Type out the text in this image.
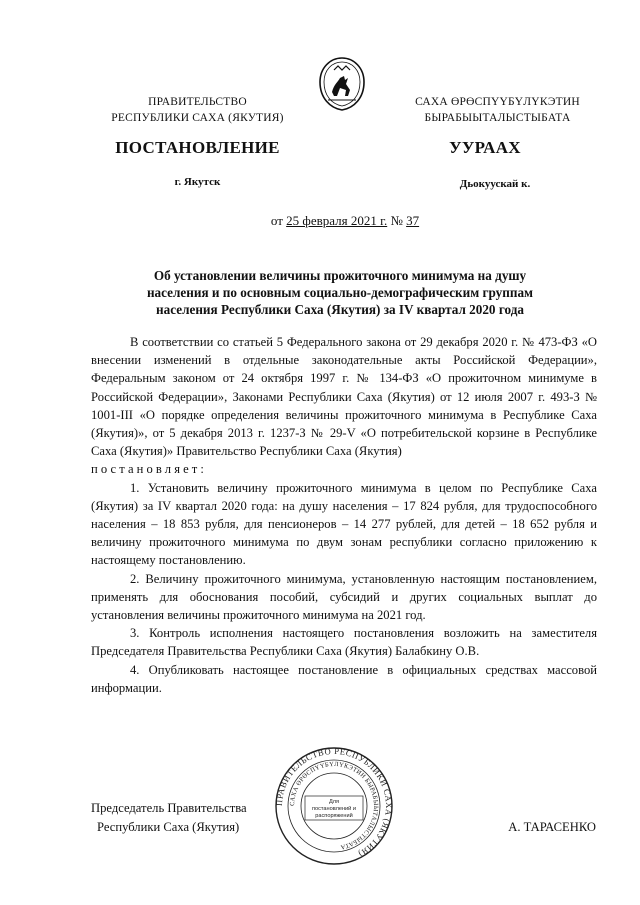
ПРАВИТЕЛЬСТВО
РЕСПУБЛИКИ САХА (ЯКУТИЯ)
САХА ӨРӨСПҮҮБҮЛҮКЭТИН
БЫРАБЫЫТАЛЫСТЫБАТА
ПОСТАНОВЛЕНИЕ	УУРААХ
г. Якутск	Дьокуускай к.
от 25 февраля 2021 г. № 37
Об установлении величины прожиточного минимума на душу
населения и по основным социально-демографическим группам
населения Республики Саха (Якутия) за IV квартал 2020 года

В соответствии со статьей 5 Федерального закона от 29 декабря 2020 г. № 473-ФЗ «О внесении изменений в отдельные законодательные акты Российской Федерации», Федеральным законом от 24 октября 1997 г. № 134-ФЗ «О прожиточном минимуме в Российской Федерации», Законами Республики Саха (Якутия) от 12 июля 2007 г. 493-З № 1001-III «О порядке определения величины прожиточного минимума в Республике Саха (Якутия)», от 5 декабря 2013 г. 1237-З № 29-V «О потребительской корзине в Республике Саха (Якутия)» Правительство Республики Саха (Якутия)

постановляет:

1. Установить величину прожиточного минимума в целом по Республике Саха (Якутия) за IV квартал 2020 года: на душу населения – 17 824 рубля, для трудоспособного населения – 18 853 рубля, для пенсионеров – 14 277 рублей, для детей – 18 652 рубля и величину прожиточного минимума по двум зонам республики согласно приложению к настоящему постановлению.

2. Величину прожиточного минимума, установленную настоящим постановлением, применять для обоснования пособий, субсидий и других социальных выплат до установления величины прожиточного минимума на 2021 год.

3. Контроль исполнения настоящего постановления возложить на заместителя Председателя Правительства Республики Саха (Якутия) Балабкину О.В.

4. Опубликовать настоящее постановление в официальных средствах массовой информации.

Председатель Правительства
Республики Саха (Якутия)	А. ТАРАСЕНКО
ПРАВИТЕЛЬСТВО РЕСПУБЛИКИ САХА (ЯКУТИЯ)
САХА ӨРӨСПҮҮБҮЛҮКЭТИН БЫРАБЫЫТАЛЫСТЫБАТА
Для
постановлений и
распоряжений
